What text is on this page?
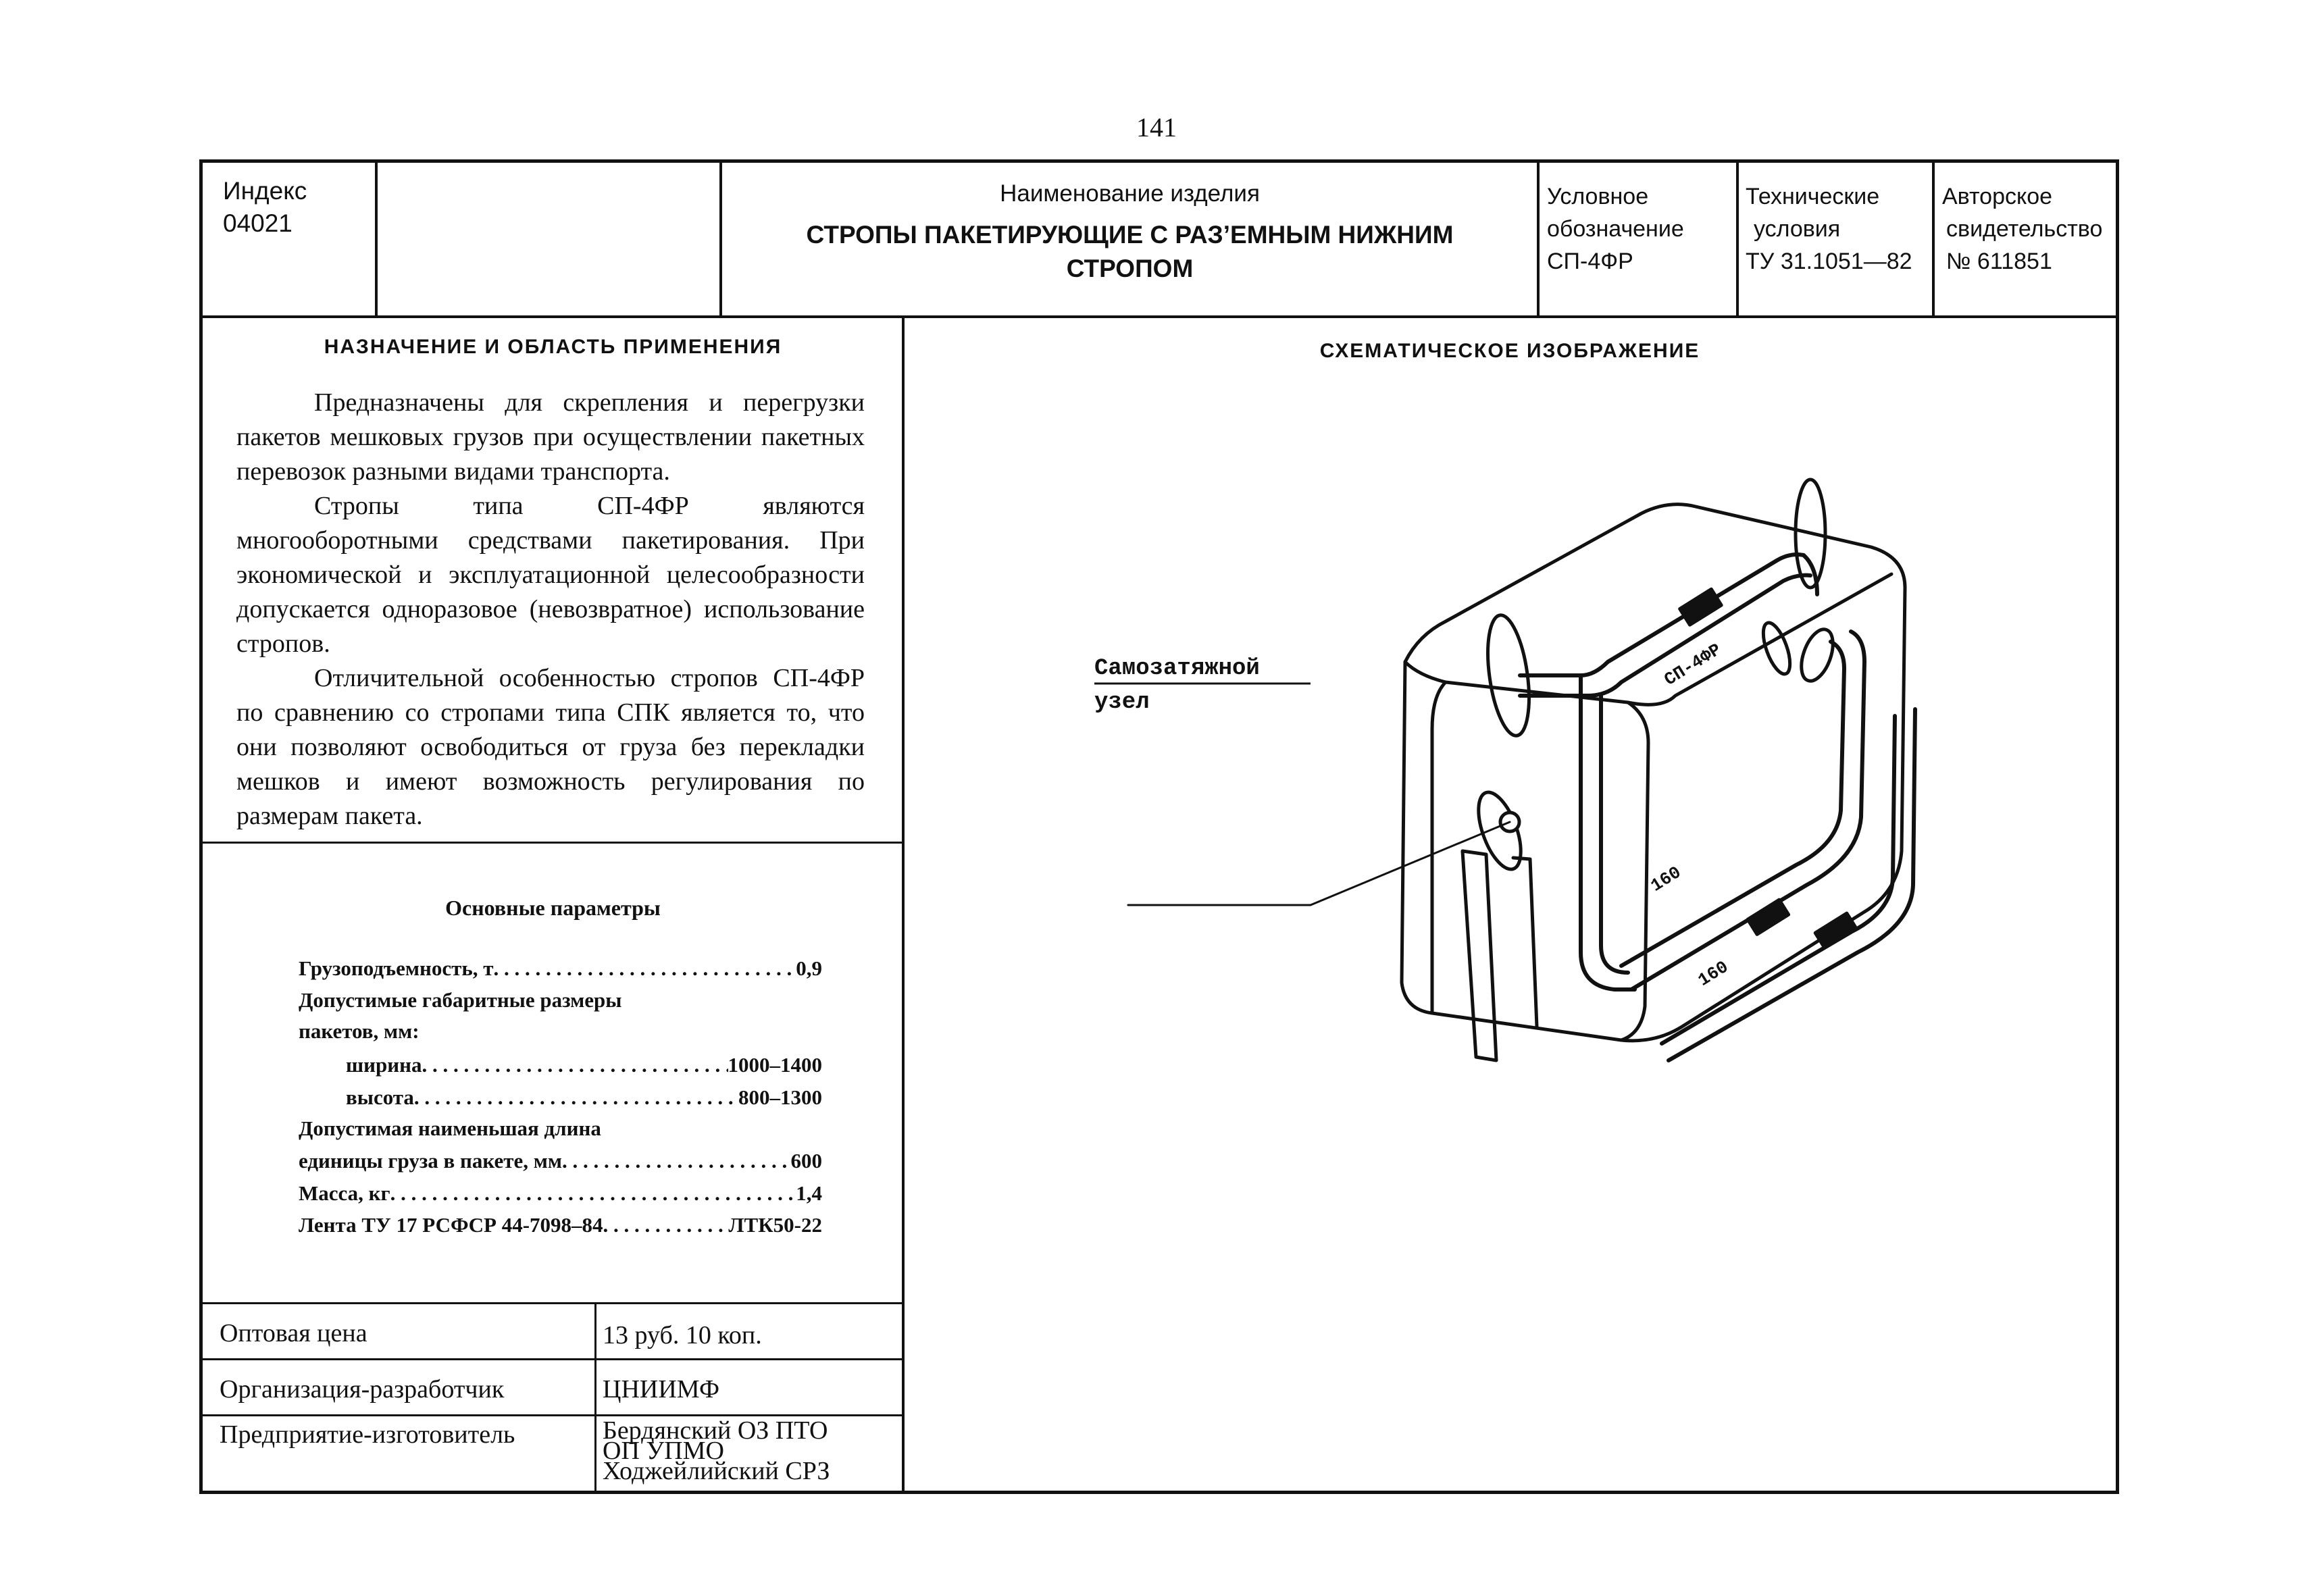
141
Индекс
04021
Наименование изделия
СТРОПЫ ПАКЕТИРУЮЩИЕ С РАЗ’ЕМНЫМ НИЖНИМ
СТРОПОМ
Условное
обозначение
СП-4ФР
Технические
условия
ТУ 31.1051—82
Авторское
свидетельство
№ 611851
НАЗНАЧЕНИЕ И ОБЛАСТЬ ПРИМЕНЕНИЯ

Предназначены для скрепления и перегрузки пакетов мешковых грузов при осуществлении пакетных перевозок разными видами транспорта.

Стропы типа СП-4ФР являются многооборотными средствами пакетирования. При экономической и эксплуатационной целесообразности допускается одноразовое (невозвратное) использование стропов.

Отличительной особенностью стропов СП-4ФР по сравнению со стропами типа СПК является то, что они позволяют освободиться от груза без перекладки мешков и имеют возможность регулирования по размерам пакета.

Основные параметры
Грузоподъемность, т . . .	0,9
Допустимые габаритные размеры
пакетов, мм:
ширина . . .	1000–1400
высота . . .	800–1300
Допустимая наименьшая длина
единицы груза в пакете, мм . . .	600
Масса, кг . . .	1,4
Лента ТУ 17 РСФСР 44-7098–84 . . .	ЛТК50-22
Оптовая цена	13 руб. 10 коп.
Организация-разработчик	ЦНИИМФ
Предприятие-изготовитель	Бердянский ОЗ ПТО
ОП УПМО
Ходжейлийский СРЗ
СХЕМАТИЧЕСКОЕ ИЗОБРАЖЕНИЕ
Самозатяжной
узел
СП-4ФР
160
160
